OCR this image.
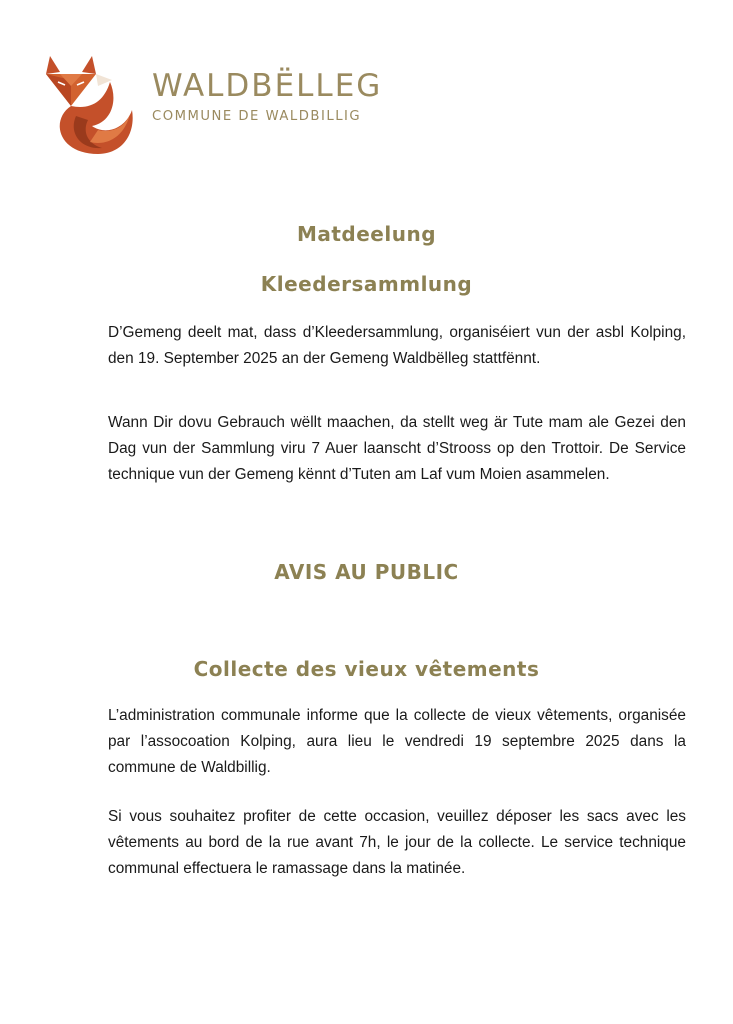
WALDBËLLEG
COMMUNE DE WALDBILLIG
Matdeelung
Kleedersammlung

D’Gemeng deelt mat, dass d’Kleedersammlung, organiséiert vun der asbl Kolping, den 19. September 2025 an der Gemeng Waldbëlleg stattfënnt.

Wann Dir dovu Gebrauch wëllt maachen, da stellt weg är Tute mam ale Gezei den Dag vun der Sammlung viru 7 Auer laanscht d’Strooss op den Trottoir. De Service technique vun der Gemeng kënnt d’Tuten am Laf vum Moien asammelen.

AVIS AU PUBLIC
Collecte des vieux vêtements

L’administration communale informe que la collecte de vieux vêtements, organisée par l’assocoation Kolping, aura lieu le vendredi 19 septembre 2025 dans la commune de Waldbillig.

Si vous souhaitez profiter de cette occasion, veuillez déposer les sacs avec les vêtements au bord de la rue avant 7h, le jour de la collecte. Le service technique communal effectuera le ramassage dans la matinée.
